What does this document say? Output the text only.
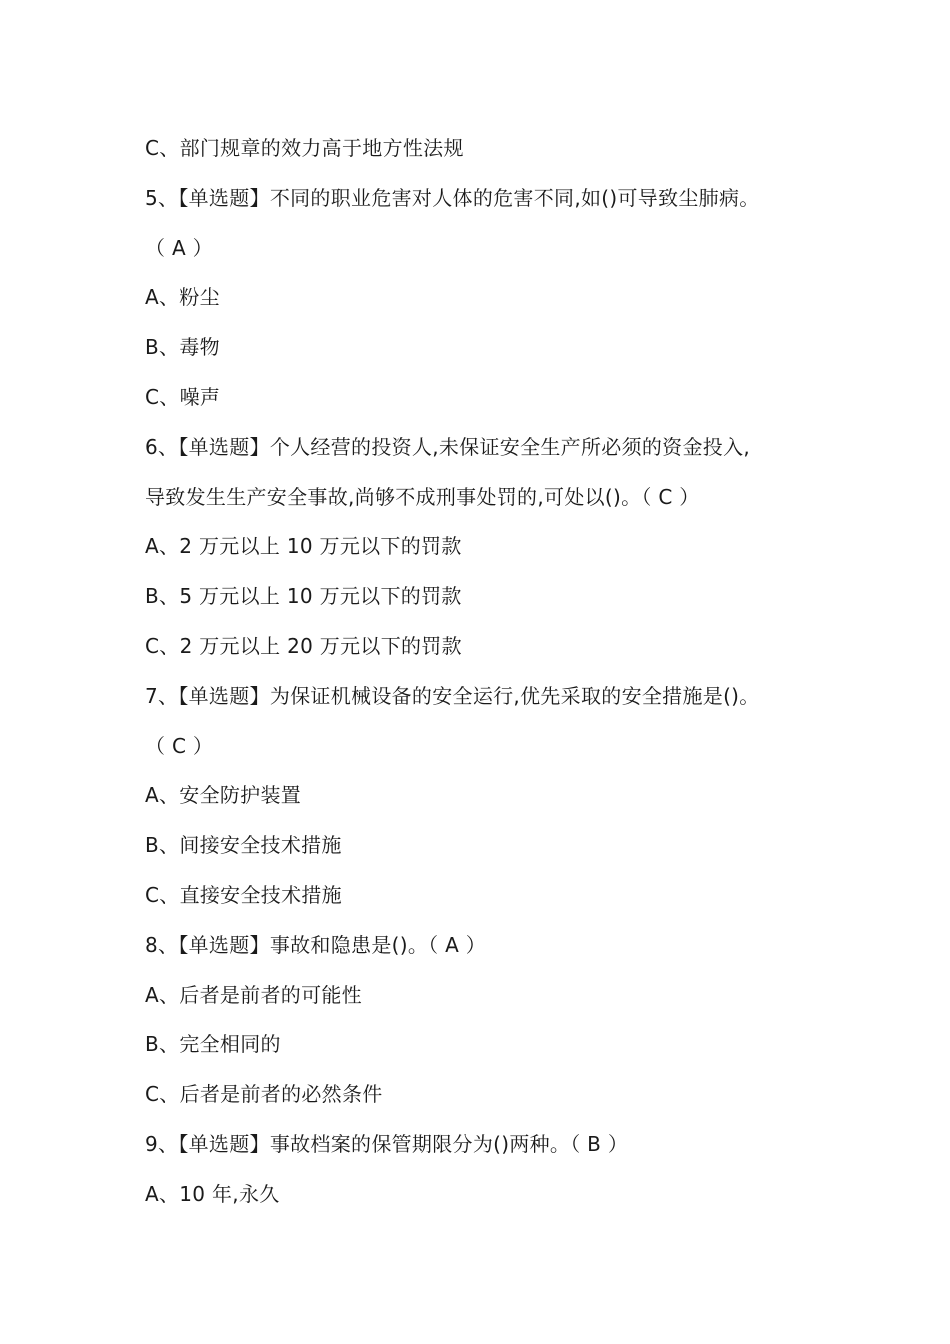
C、部门规章的效力高于地方性法规
5、【单选题】不同的职业危害对人体的危害不同,如()可导致尘肺病。
（ A ）
A、粉尘
B、毒物
C、噪声
6、【单选题】个人经营的投资人,未保证安全生产所必须的资金投入,
导致发生生产安全事故,尚够不成刑事处罚的,可处以()。（ C ）
A、2 万元以上 10 万元以下的罚款
B、5 万元以上 10 万元以下的罚款
C、2 万元以上 20 万元以下的罚款
7、【单选题】为保证机械设备的安全运行,优先采取的安全措施是()。
（ C ）
A、安全防护装置
B、间接安全技术措施
C、直接安全技术措施
8、【单选题】事故和隐患是()。（ A ）
A、后者是前者的可能性
B、完全相同的
C、后者是前者的必然条件
9、【单选题】事故档案的保管期限分为()两种。（ B ）
A、10 年,永久
